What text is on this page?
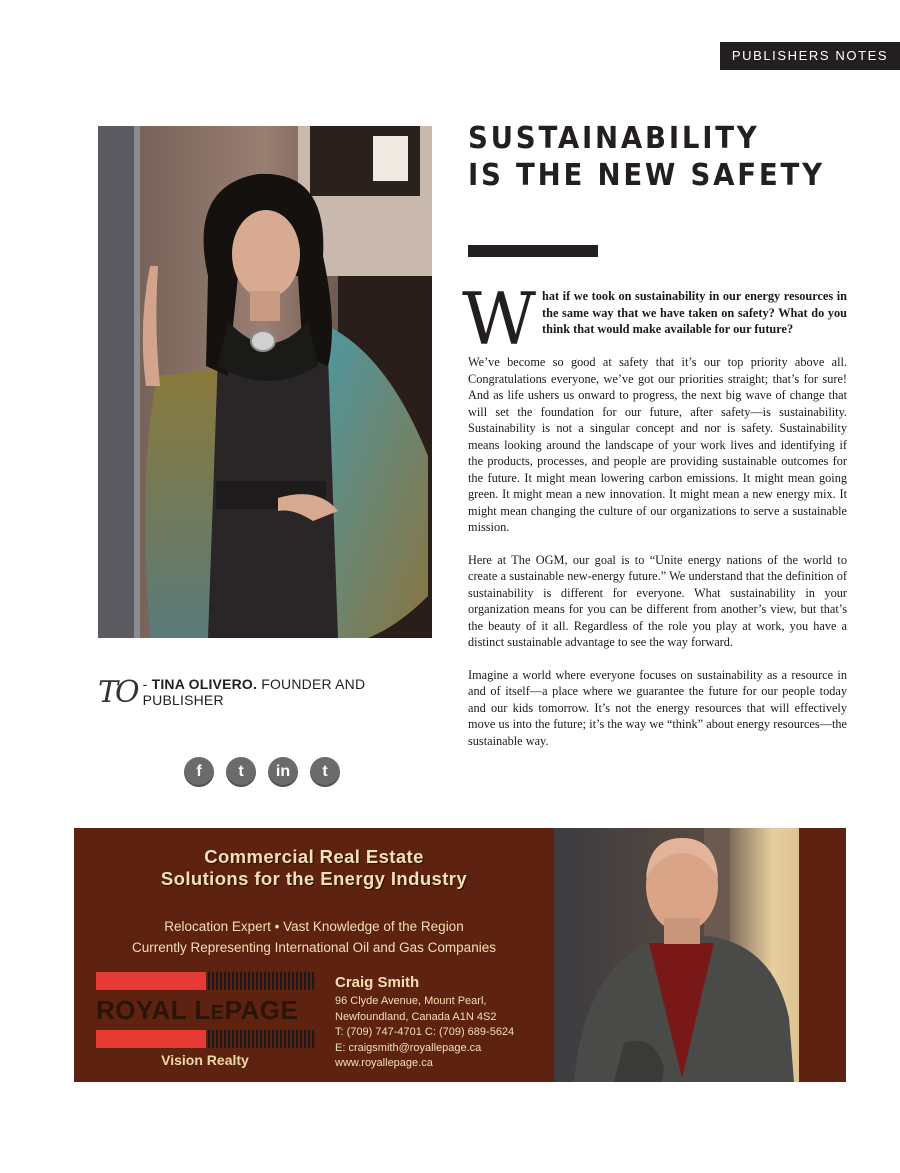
PUBLISHERS NOTES
SUSTAINABILITY
IS THE NEW SAFETY
W hat if we took on sustainability in our energy resources in the same way that we have taken on safety? What do you think that would make available for our future?

We’ve become so good at safety that it’s our top priority above all. Congratulations everyone, we’ve got our priorities straight; that’s for sure! And as life ushers us onward to progress, the next big wave of change that will set the foundation for our future, after safety—is sustainability. Sustainability is not a singular concept and nor is safety. Sustainability means looking around the landscape of your work lives and identifying if the products, processes, and people are providing sustainable outcomes for the future. It might mean lowering carbon emissions. It might mean going green. It might mean a new innovation. It might mean a new energy mix. It might mean changing the culture of our organizations to serve a sustainable mission.

Here at The OGM, our goal is to “Unite energy nations of the world to create a sustainable new-energy future.” We understand that the definition of sustainability is different for everyone. What sustainability in your organization means for you can be different from another’s view, but that’s the beauty of it all. Regardless of the role you play at work, you have a distinct sustainable advantage to see the way forward.

Imagine a world where everyone focuses on sustainability as a resource in and of itself—a place where we guarantee the future for our people today and our kids tomorrow. It’s not the energy resources that will effectively move us into the future; it’s the way we “think” about energy resources—the sustainable way.

TO - TINA OLIVERO. FOUNDER AND PUBLISHER
f	t	in	t
Commercial Real Estate
Solutions for the Energy Industry
Relocation Expert • Vast Knowledge of the Region
Currently Representing International Oil and Gas Companies
ROYAL LEPAGE
Vision Realty
Craig Smith
96 Clyde Avenue, Mount Pearl,
Newfoundland, Canada A1N 4S2
T: (709) 747-4701 C: (709) 689-5624
E: craigsmith@royallepage.ca
www.royallepage.ca
